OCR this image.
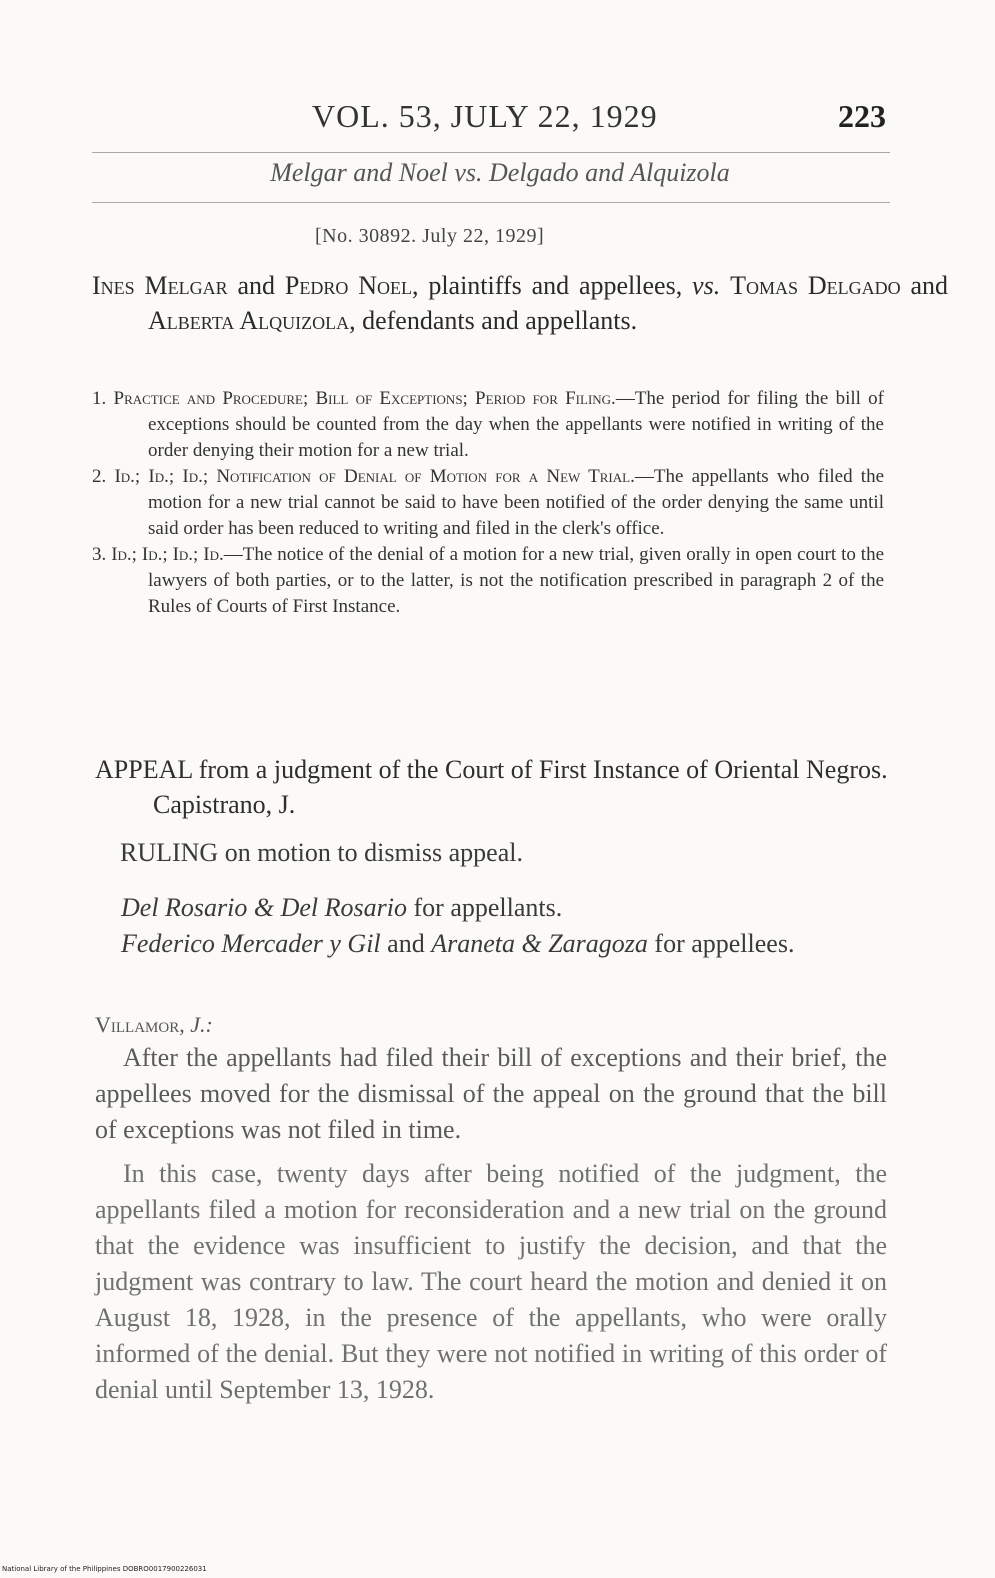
VOL. 53, JULY 22, 1929	223
Melgar and Noel vs. Delgado and Alquizola
[No. 30892. July 22, 1929]
Ines Melgar and Pedro Noel, plaintiffs and appellees, vs. Tomas Delgado and Alberta Alquizola, defendants and appellants.

1. Practice and Procedure; Bill of Exceptions; Period for Filing.—The period for filing the bill of exceptions should be counted from the day when the appellants were notified in writing of the order denying their motion for a new trial.

2. Id.; Id.; Id.; Notification of Denial of Motion for a New Trial.—The appellants who filed the motion for a new trial cannot be said to have been notified of the order denying the same until said order has been reduced to writing and filed in the clerk's office.

3. Id.; Id.; Id.; Id.—The notice of the denial of a motion for a new trial, given orally in open court to the lawyers of both parties, or to the latter, is not the notification prescribed in paragraph 2 of the Rules of Courts of First Instance.

APPEAL from a judgment of the Court of First Instance of Oriental Negros. Capistrano, J.
RULING on motion to dismiss appeal.

Del Rosario & Del Rosario for appellants.

Federico Mercader y Gil and Araneta & Zaragoza for appellees.

Villamor, J.:

After the appellants had filed their bill of exceptions and their brief, the appellees moved for the dismissal of the appeal on the ground that the bill of exceptions was not filed in time.

In this case, twenty days after being notified of the judgment, the appellants filed a motion for reconsideration and a new trial on the ground that the evidence was insufficient to justify the decision, and that the judgment was contrary to law. The court heard the motion and denied it on August 18, 1928, in the presence of the appellants, who were orally informed of the denial. But they were not notified in writing of this order of denial until September 13, 1928.

National Library of the Philippines DOBRO0017900226031
